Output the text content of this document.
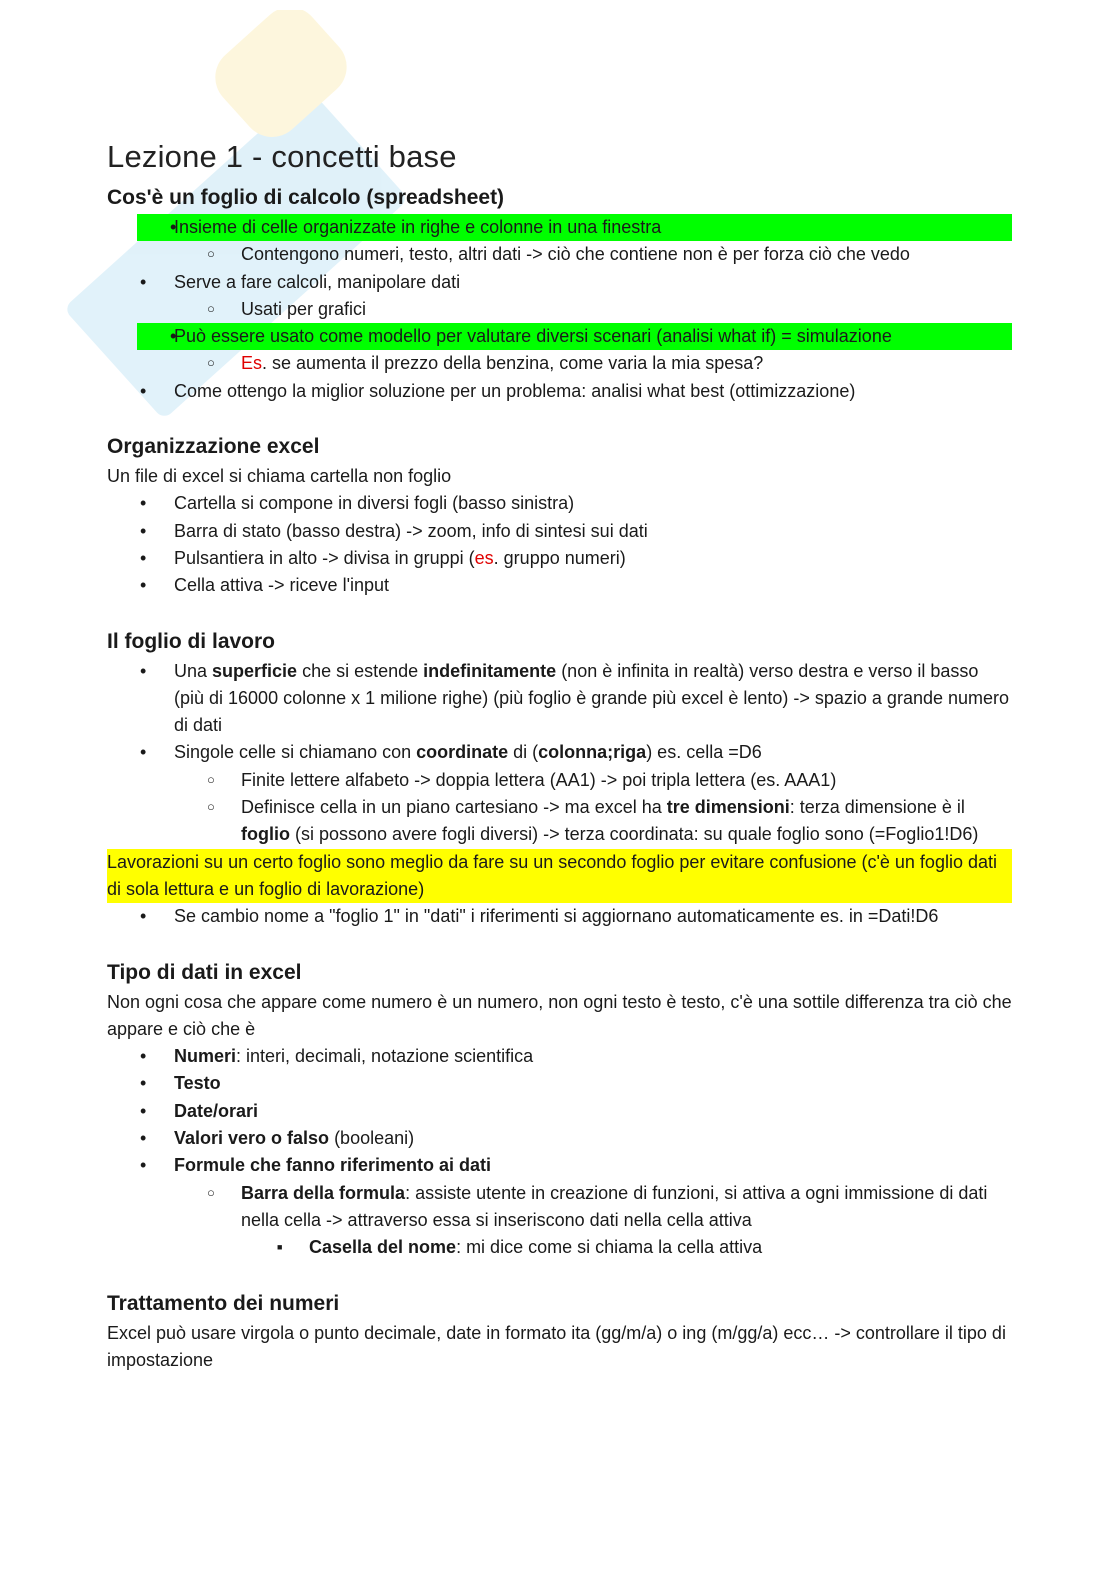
Lezione 1 - concetti base
Cos'è un foglio di calcolo (spreadsheet)
• Insieme di celle organizzate in righe e colonne in una finestra
○ Contengono numeri, testo, altri dati -> ciò che contiene non è per forza ciò che vedo
• Serve a fare calcoli, manipolare dati
○ Usati per grafici
• Può essere usato come modello per valutare diversi scenari (analisi what if) = simulazione
○ Es. se aumenta il prezzo della benzina, come varia la mia spesa?
• Come ottengo la miglior soluzione per un problema: analisi what best (ottimizzazione)
Organizzazione excel

Un file di excel si chiama cartella non foglio

• Cartella si compone in diversi fogli (basso sinistra)
• Barra di stato (basso destra) -> zoom, info di sintesi sui dati
• Pulsantiera in alto -> divisa in gruppi (es. gruppo numeri)
• Cella attiva -> riceve l'input
Il foglio di lavoro
• Una superficie che si estende indefinitamente (non è infinita in realtà) verso destra e verso il basso (più di 16000 colonne x 1 milione righe) (più foglio è grande più excel è lento) -> spazio a grande numero di dati
• Singole celle si chiamano con coordinate di (colonna;riga) es. cella =D6
○ Finite lettere alfabeto -> doppia lettera (AA1) -> poi tripla lettera (es. AAA1)
○ Definisce cella in un piano cartesiano -> ma excel ha tre dimensioni: terza dimensione è il foglio (si possono avere fogli diversi) -> terza coordinata: su quale foglio sono (=Foglio1!D6)

Lavorazioni su un certo foglio sono meglio da fare su un secondo foglio per evitare confusione (c'è un foglio dati di sola lettura e un foglio di lavorazione)

• Se cambio nome a "foglio 1" in "dati" i riferimenti si aggiornano automaticamente es. in =Dati!D6
Tipo di dati in excel

Non ogni cosa che appare come numero è un numero, non ogni testo è testo, c'è una sottile differenza tra ciò che appare e ciò che è

• Numeri: interi, decimali, notazione scientifica
• Testo
• Date/orari
• Valori vero o falso (booleani)
• Formule che fanno riferimento ai dati
○ Barra della formula: assiste utente in creazione di funzioni, si attiva a ogni immissione di dati nella cella -> attraverso essa si inseriscono dati nella cella attiva
■ Casella del nome: mi dice come si chiama la cella attiva
Trattamento dei numeri

Excel può usare virgola o punto decimale, date in formato ita (gg/m/a) o ing (m/gg/a) ecc… -> controllare il tipo di impostazione
